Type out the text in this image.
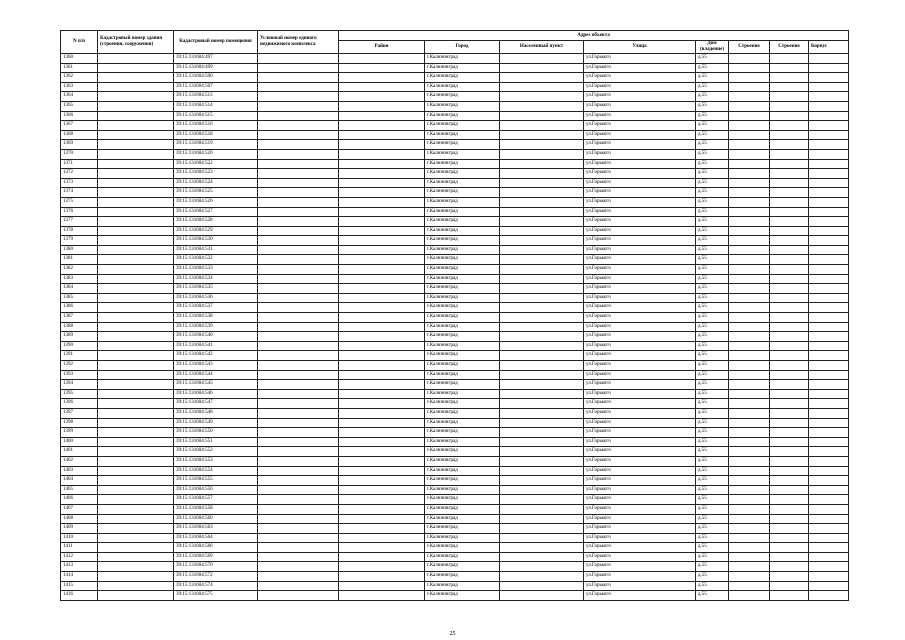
N п/п	Кадастровый номер здания (строения, сооружения)	Кадастровый номер помещения	Условный номер единого недвижимого комплекса	Адрес объекта							
				Район	Город	Населенный пункт	Улица	Дом (владение)	Строение	Строение	Корпус
1360		39:15:131604:497			г.Калининград		ул.Горького	д.55			
1361		39:15:131604:499			г.Калининград		ул.Горького	д.55			
1362		39:15:131604:500			г.Калининград		ул.Горького	д.55			
1363		39:15:131604:507			г.Калининград		ул.Горького	д.55			
1364		39:15:131604:513			г.Калининград		ул.Горького	д.55			
1365		39:15:131604:514			г.Калининград		ул.Горького	д.55			
1366		39:15:131604:515			г.Калининград		ул.Горького	д.55			
1367		39:15:131604:516			г.Калининград		ул.Горького	д.55			
1368		39:15:131604:518			г.Калининград		ул.Горького	д.55			
1369		39:15:131604:519			г.Калининград		ул.Горького	д.55			
1370		39:15:131604:520			г.Калининград		ул.Горького	д.55			
1371		39:15:131604:522			г.Калининград		ул.Горького	д.55			
1372		39:15:131604:523			г.Калининград		ул.Горького	д.55			
1373		39:15:131604:524			г.Калининград		ул.Горького	д.55			
1374		39:15:131604:525			г.Калининград		ул.Горького	д.55			
1375		39:15:131604:526			г.Калининград		ул.Горького	д.55			
1376		39:15:131604:527			г.Калининград		ул.Горького	д.55			
1377		39:15:131604:528			г.Калининград		ул.Горького	д.55			
1378		39:15:131604:529			г.Калининград		ул.Горького	д.55			
1379		39:15:131604:530			г.Калининград		ул.Горького	д.55			
1380		39:15:131604:531			г.Калининград		ул.Горького	д.55			
1381		39:15:131604:532			г.Калининград		ул.Горького	д.55			
1382		39:15:131604:533			г.Калининград		ул.Горького	д.55			
1383		39:15:131604:534			г.Калининград		ул.Горького	д.55			
1384		39:15:131604:535			г.Калининград		ул.Горького	д.55			
1385		39:15:131604:536			г.Калининград		ул.Горького	д.55			
1386		39:15:131604:537			г.Калининград		ул.Горького	д.55			
1387		39:15:131604:538			г.Калининград		ул.Горького	д.55			
1388		39:15:131604:539			г.Калининград		ул.Горького	д.55			
1389		39:15:131604:540			г.Калининград		ул.Горького	д.55			
1390		39:15:131604:541			г.Калининград		ул.Горького	д.55			
1391		39:15:131604:542			г.Калининград		ул.Горького	д.55			
1392		39:15:131604:543			г.Калининград		ул.Горького	д.55			
1393		39:15:131604:544			г.Калининград		ул.Горького	д.55			
1394		39:15:131604:545			г.Калининград		ул.Горького	д.55			
1395		39:15:131604:546			г.Калининград		ул.Горького	д.55			
1396		39:15:131604:547			г.Калининград		ул.Горького	д.55			
1397		39:15:131604:548			г.Калининград		ул.Горького	д.55			
1398		39:15:131604:549			г.Калининград		ул.Горького	д.55			
1399		39:15:131604:550			г.Калининград		ул.Горького	д.55			
1400		39:15:131604:551			г.Калининград		ул.Горького	д.55			
1401		39:15:131604:552			г.Калининград		ул.Горького	д.55			
1402		39:15:131604:553			г.Калининград		ул.Горького	д.55			
1403		39:15:131604:554			г.Калининград		ул.Горького	д.55			
1404		39:15:131604:555			г.Калининград		ул.Горького	д.55			
1405		39:15:131604:556			г.Калининград		ул.Горького	д.55			
1406		39:15:131604:557			г.Калининград		ул.Горького	д.55			
1407		39:15:131604:558			г.Калининград		ул.Горького	д.55			
1408		39:15:131604:560			г.Калининград		ул.Горького	д.55			
1409		39:15:131604:563			г.Калининград		ул.Горького	д.55			
1410		39:15:131604:564			г.Калининград		ул.Горького	д.55			
1411		39:15:131604:566			г.Калининград		ул.Горького	д.55			
1412		39:15:131604:569			г.Калининград		ул.Горького	д.55			
1413		39:15:131604:570			г.Калининград		ул.Горького	д.55			
1414		39:15:131604:572			г.Калининград		ул.Горького	д.55			
1415		39:15:131604:574			г.Калининград		ул.Горького	д.55			
1416		39:15:131604:575			г.Калининград		ул.Горького	д.55			
25
